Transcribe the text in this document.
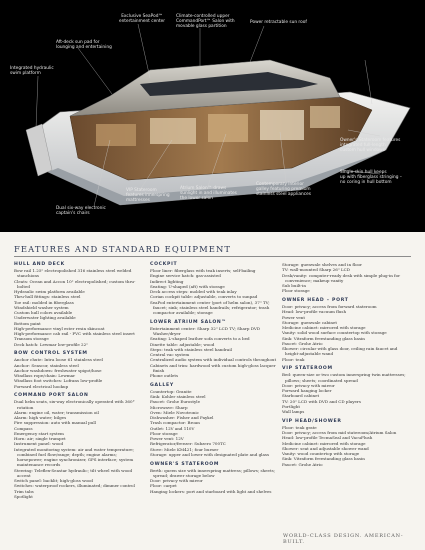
Exclusive SeaPod™
entertainment center
Climate-controlled upper
CommandPort™ Salon with
movable glass partition
Power retractable sun roof
Aft-deck sun pad for
lounging and entertaining
Integrated hydraulic
swim platform
Owner's Stateroom features
integrated full-length
custom hull windows
Single-skin hull keeps
up with fiberglass stringing –
no coring in hull bottom
Dual six-way electronic
captain's chairs
VIP Stateroom
features innerspring
mattresses
Atrium Salon™ draws
sunlight in and illuminates
the lower salon
Contemporary interior
galley featuring premium
stainless steel appliances
FEATURES AND STANDARD EQUIPMENT
HULL AND DECK
Bow rail 1.25" electropolished 316 stainless steel welded stanchions
Cleats: Ocean and Accon 10" electropolished; custom thru-bolted
Hydraulic swim platform available
Thru-hull fittings: stainless steel
Toe rail: molded in fiberglass
Windshield washer system
Custom hull colors available
Underwater lighting available
Bottom paint
High-performance vinyl ester resin skincoat
High-performance cab rail - PVC with stainless steel insert
Transom storage
Deck hatch: Lewmar low-profile 22"
BOW CONTROL SYSTEM
Anchor chute: Intra loose 61 stainless steel
Anchor: Seascor, stainless steel
Anchor washdown: freshwater spigot/hose
Windlass rope/chain: Lewmar
Windlass foot switches: Lofrans low-profile
Forward electrical hookup
COMMAND PORT SALON
Dual helm seats, six-way electronically operated with 360° rotation
Alarm: engine oil, water; transmission oil
Alarm: high water; bilges
Fire suppression: auto with manual pull
Compass
Emergency start system
Horn: air; single trumpet
Instrument panel: wood
Integrated monitoring system: air and water temperature; combined fuel flow/range; depth; engine alarms; horsepower; engine synchronizer, GPS interface; system maintenance records
Steering: Teleflex-Seastar hydraulic; tilt wheel with wood accent
Switch panel: backlit; high-gloss wood
Switches: waterproof rockers, illuminated; dimmer control
Trim tabs
Spotlight
COCKPIT
Floor liner: fiberglass with teak inserts; self-bailing
Engine service hatch: gas-assisted
Indirect lighting
Seating: U-shaped (aft) with storage
Deck access steps: molded with teak inlay
Corian cockpit table: adjustable, converts to sunpad
SeaPod entertainment center (port of helm salon), 37" TV; faucet; sink; stainless steel handrails; refrigerator; trash compactor available; storage
LOWER ATRIUM SALON™
Entertainment center: Sharp 32" LCD TV; Sharp DVD Washer/dryer
Seating: L-shaped leather sofa converts to a bed
Dinette table: adjustable; wood
Steps: teak with stainless steel handrail
Central vac system
Centralized audio system with individual controls throughout
Cabinets and trim: hardwood with custom high-gloss lacquer finish
Phone outlets
GALLEY
Countertop: Granite
Sink: Kohler stainless steel
Faucet: Grohe Eurostyle
Microwave: Sharp
Oven: Miele Novotronic
Dishwasher: Fisher and Paykel
Trash compactor: Broan
Outlet: 12V and 110V
Floor storage
Power vent: 12V
Refrigerator/freezer: Subzero 700TC
Stove: Miele KM421; four burner
Storage: upper and lower with designated plate and glass
OWNER'S STATEROOM
Berth: queen size with innerspring mattress; pillows; sheets; spread; drawer storage below
Door: privacy with mirror
Floor: carpet
Hanging lockers: port and starboard with light and shelves
Storage: guenwale shelves and in floor
TV: wall-mounted Sharp 26" LCD
Desk/vanity: computer-ready desk with simple plug-in for convenience; makeup vanity
Sub built-in
Floor storage
OWNER HEAD – PORT
Door: privacy; access from forward stateroom
Head: low-profile vacuum flush
Power vent
Storage: guenwale cabinet
Medicine cabinet: mirrored with storage
Vanity: solid wood surface countertop with storage
Sink: Vitraform freestanding glass basin
Faucet: Grohe Atrio
Shower: circular with glass door, ceiling rain faucet and height-adjustable wand
Floor: teak
VIP STATEROOM
Bed: queen-size or two custom innerspring twin mattresses; pillows; sheets; coordinated spread
Door: privacy with mirror
Forward hanging locker
Starboard cabinet
TV: 20" LCD with DVD and CD players
Portlight
Wall lamps
VIP HEAD/SHOWER
Floor: teak grate
Door: privacy; access from mid stateroom/Atrium Salon
Head: low-profile TecmaSeal and VacuFlush
Medicine cabinet: mirrored with storage
Shower: seat and adjustable shower wand
Vanity: wood countertop with storage
Sink: Vitraform freestanding glass basin
Faucet: Grohe Atrio
WORLD-CLASS DESIGN. AMERICAN-BUILT.
